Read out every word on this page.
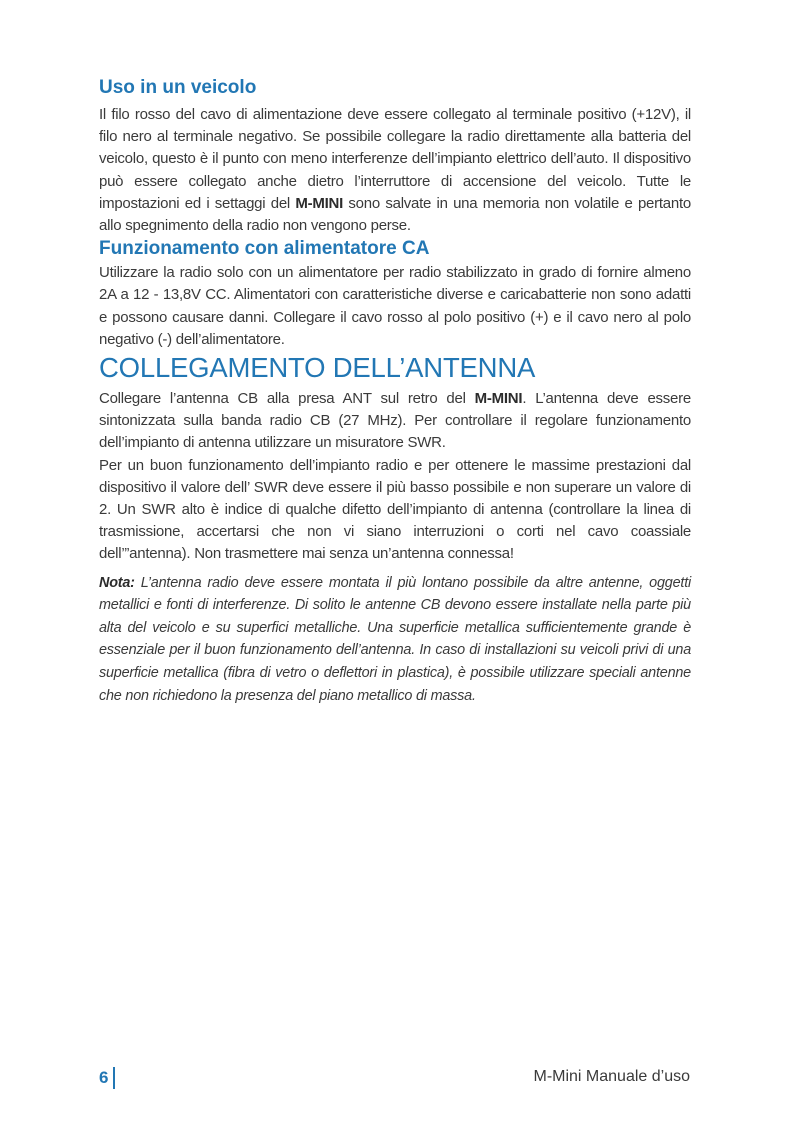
Uso in un veicolo

Il filo rosso del cavo di alimentazione deve essere collegato al terminale positivo (+12V), il filo nero al terminale negativo. Se possibile collegare la radio direttamente alla batteria del veicolo, questo è il punto con meno interferenze dell’impianto elettrico dell’auto. Il dispositivo può essere collegato anche dietro l’interruttore di accensione del veicolo. Tutte le impostazioni ed i settaggi del M-MINI sono salvate in una memoria non volatile e pertanto allo spegnimento della radio non vengono perse.

Funzionamento con alimentatore CA

Utilizzare la radio solo con un alimentatore per radio stabilizzato in grado di fornire almeno 2A a 12 - 13,8V CC. Alimentatori con caratteristiche diverse e caricabatterie non sono adatti e possono causare danni. Collegare il cavo rosso al polo positivo (+) e il cavo nero al polo negativo (-) dell’alimentatore.

COLLEGAMENTO DELL’ANTENNA

Collegare l’antenna CB alla presa ANT sul retro del M-MINI. L’antenna deve essere sintonizzata sulla banda radio CB (27 MHz). Per controllare il regolare funzionamento dell’impianto di antenna utilizzare un misuratore SWR.

Per un buon funzionamento dell’impianto radio e per ottenere le massime prestazioni dal dispositivo il valore dell’ SWR deve essere il più basso possibile e non superare un valore di 2. Un SWR alto è indice di qualche difetto dell’impianto di antenna (controllare la linea di trasmissione, accertarsi che non vi siano interruzioni o corti nel cavo coassiale dell’”antenna). Non trasmettere mai senza un’antenna connessa!

Nota: L’antenna radio deve essere montata il più lontano possibile da altre antenne, oggetti metallici e fonti di interferenze. Di solito le antenne CB devono essere installate nella parte più alta del veicolo e su superfici metalliche. Una superficie metallica sufficientemente grande è essenziale per il buon funzionamento dell’antenna. In caso di installazioni su veicoli privi di una superficie metallica (fibra di vetro o deflettori in plastica), è possibile utilizzare speciali antenne che non richiedono la presenza del piano metallico di massa.

6	M-Mini Manuale d’uso
